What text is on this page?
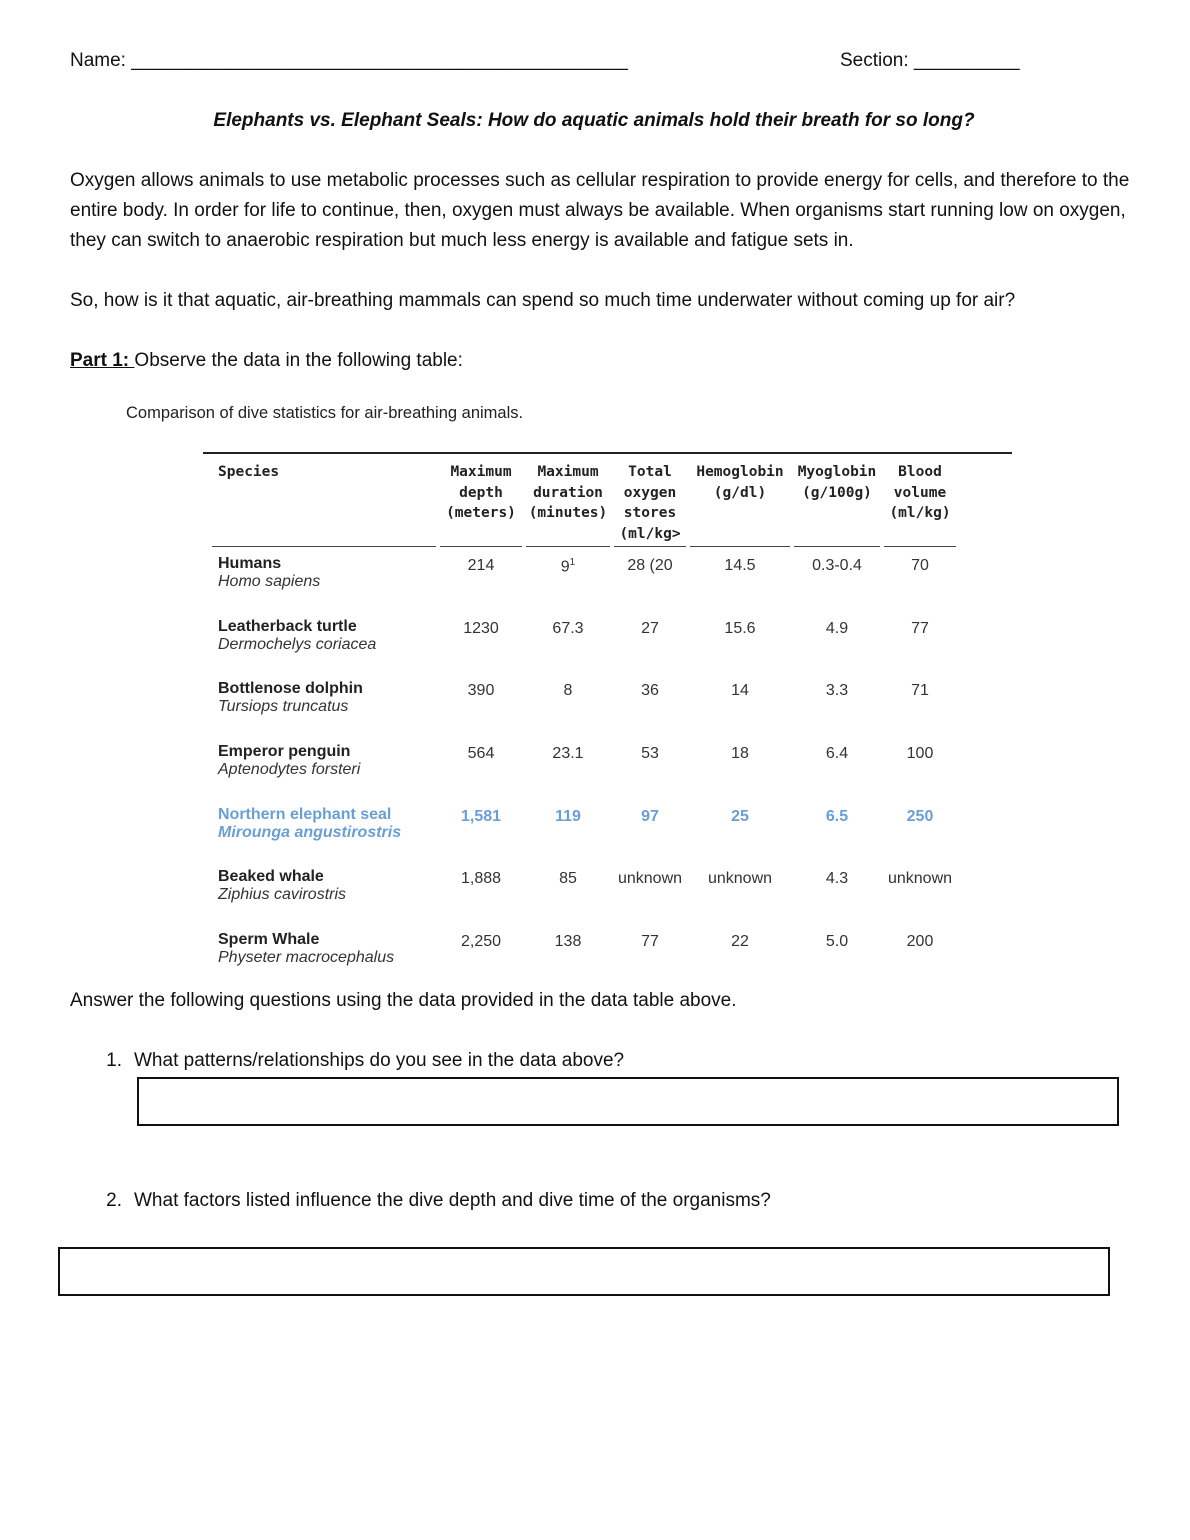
Name: _______________________________________________	Section: __________
Elephants vs. Elephant Seals: How do aquatic animals hold their breath for so long?
Oxygen allows animals to use metabolic processes such as cellular respiration to provide energy for cells, and therefore to the entire body. In order for life to continue, then, oxygen must always be available. When organisms start running low on oxygen, they can switch to anaerobic respiration but much less energy is available and fatigue sets in.
So, how is it that aquatic, air-breathing mammals can spend so much time underwater without coming up for air?
Part 1: Observe the data in the following table:
Comparison of dive statistics for air-breathing animals.
Species	Maximum depth (meters)	Maximum duration (minutes)	Total oxygen stores (ml/kg>	Hemoglobin (g/dl)	Myoglobin (g/100g)	Blood volume (ml/kg)

Humans
Homo sapiens	214	$9^1$	28 (20	14.5	0.3-0.4	70

Leatherback turtle
Dermochelys coriacea	1230	67.3	27	15.6	4.9	77

Bottlenose dolphin
Tursiops truncatus	390	8	36	14	3.3	71

Emperor penguin
Aptenodytes forsteri	564	23.1	53	18	6.4	100

Northern elephant seal
Mirounga angustirostris	1,581	119	97	25	6.5	250

Beaked whale
Ziphius cavirostris	1,888	85	unknown	unknown	4.3	unknown

Sperm Whale
Physeter macrocephalus	2,250	138	77	22	5.0	200
Answer the following questions using the data provided in the data table above.
1. What patterns/relationships do you see in the data above?
2. What factors listed influence the dive depth and dive time of the organisms?
